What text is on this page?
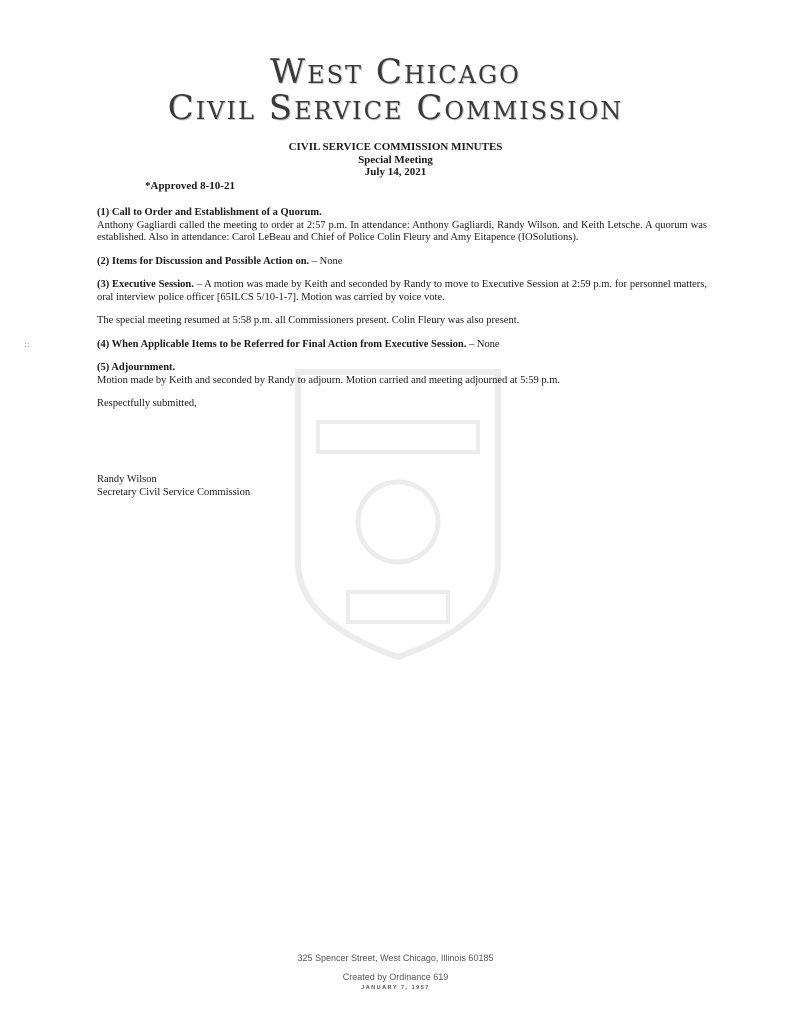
::
West Chicago
Civil Service Commission
CIVIL SERVICE COMMISSION MINUTES
Special Meeting
July 14, 2021
*Approved 8-10-21

(1) Call to Order and Establishment of a Quorum.
Anthony Gagliardi called the meeting to order at 2:57 p.m. In attendance: Anthony Gagliardi, Randy Wilson. and Keith Letsche. A quorum was established. Also in attendance: Carol LeBeau and Chief of Police Colin Fleury and Amy Eitapence (IOSolutions).

(2) Items for Discussion and Possible Action on. – None

(3) Executive Session. – A motion was made by Keith and seconded by Randy to move to Executive Session at 2:59 p.m. for personnel matters, oral interview police officer [65ILCS 5/10-1-7]. Motion was carried by voice vote.

The special meeting resumed at 5:58 p.m. all Commissioners present. Colin Fleury was also present.

(4) When Applicable Items to be Referred for Final Action from Executive Session. – None

(5) Adjournment.
Motion made by Keith and seconded by Randy to adjourn. Motion carried and meeting adjourned at 5:59 p.m.

Respectfully submitted,

Randy Wilson
Secretary Civil Service Commission
325 Spencer Street, West Chicago, Illinois 60185
Created by Ordinance 619
JANUARY 7, 1957
